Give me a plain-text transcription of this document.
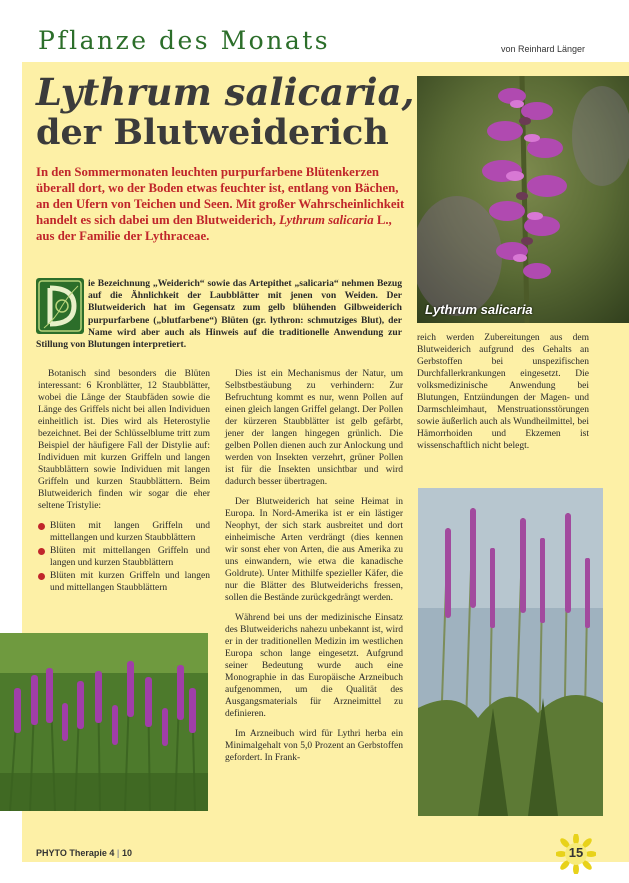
Pflanze des Monats	von Reinhard Länger
Lythrum salicaria,
der Blutweiderich
In den Sommermonaten leuchten purpurfarbene Blütenkerzen überall dort, wo der Boden etwas feuchter ist, entlang von Bächen, an den Ufern von Teichen und Seen. Mit großer Wahrscheinlichkeit handelt es sich dabei um den Blutweiderich, Lythrum salicaria L., aus der Familie der Lythraceae.
Lythrum salicaria
ie Bezeichnung „Weiderich“ sowie das Artepithet „salicaria“ nehmen Bezug auf die Ähnlichkeit der Laubblätter mit jenen von Weiden. Der Blutweiderich hat im Gegensatz zum gelb blühenden Gilbweiderich purpurfarbene („blutfarbene“) Blüten (gr. lythron: schmutziges Blut), der Name wird aber auch als Hinweis auf die traditionelle Anwendung zur Stillung von Blutungen interpretiert.

Botanisch sind besonders die Blüten interessant: 6 Kronblätter, 12 Staubblätter, wobei die Länge der Staubfäden sowie die Länge des Griffels nicht bei allen Individuen einheitlich ist. Dies wird als Heterostylie bezeichnet. Bei der Schlüsselblume tritt zum Beispiel der häufigere Fall der Distylie auf: Individuen mit kurzen Griffeln und langen Staubblättern sowie Individuen mit langen Griffeln und kurzen Staubblättern. Beim Blutweiderich finden wir sogar die eher seltene Tristylie:

Blüten mit langen Griffeln und mittellangen und kurzen Staubblättern
Blüten mit mittellangen Griffeln und langen und kurzen Staubblättern
Blüten mit kurzen Griffeln und langen und mittellangen Staubblättern

Dies ist ein Mechanismus der Natur, um Selbstbestäubung zu verhindern: Zur Befruchtung kommt es nur, wenn Pollen auf einen gleich langen Griffel gelangt. Der Pollen der kürzeren Staubblätter ist gelb gefärbt, jener der langen hingegen grünlich. Die gelben Pollen dienen auch zur Anlockung und werden von Insekten verzehrt, grüner Pollen ist für die Insekten unsichtbar und wird dadurch besser übertragen.

Der Blutweiderich hat seine Heimat in Europa. In Nord-Amerika ist er ein lästiger Neophyt, der sich stark ausbreitet und dort einheimische Arten verdrängt (dies kennen wir sonst eher von Arten, die aus Amerika zu uns einwandern, wie etwa die kanadische Goldrute). Unter Mithilfe spezieller Käfer, die nur die Blätter des Blutweiderichs fressen, sollen die Bestände zurückgedrängt werden.

Während bei uns der medizinische Einsatz des Blutweiderichs nahezu unbekannt ist, wird er in der traditionellen Medizin im westlichen Europa schon lange eingesetzt. Aufgrund seiner Bedeutung wurde auch eine Monographie in das Europäische Arzneibuch aufgenommen, um die Qualität des Ausgangsmaterials für Arzneimittel zu definieren.

Im Arzneibuch wird für Lythri herba ein Minimalgehalt von 5,0 Prozent an Gerbstoffen gefordert. In Frank-

reich werden Zubereitungen aus dem Blutweiderich aufgrund des Gehalts an Gerbstoffen bei unspezifischen Durchfallerkrankungen eingesetzt. Die volksmedizinische Anwendung bei Blutungen, Entzündungen der Magen- und Darmschleimhaut, Menstruationsstörungen sowie äußerlich auch als Wundheilmittel, bei Hämorrhoiden und Ekzemen ist wissenschaftlich nicht belegt.

PHYTO Therapie 4 | 10	15
